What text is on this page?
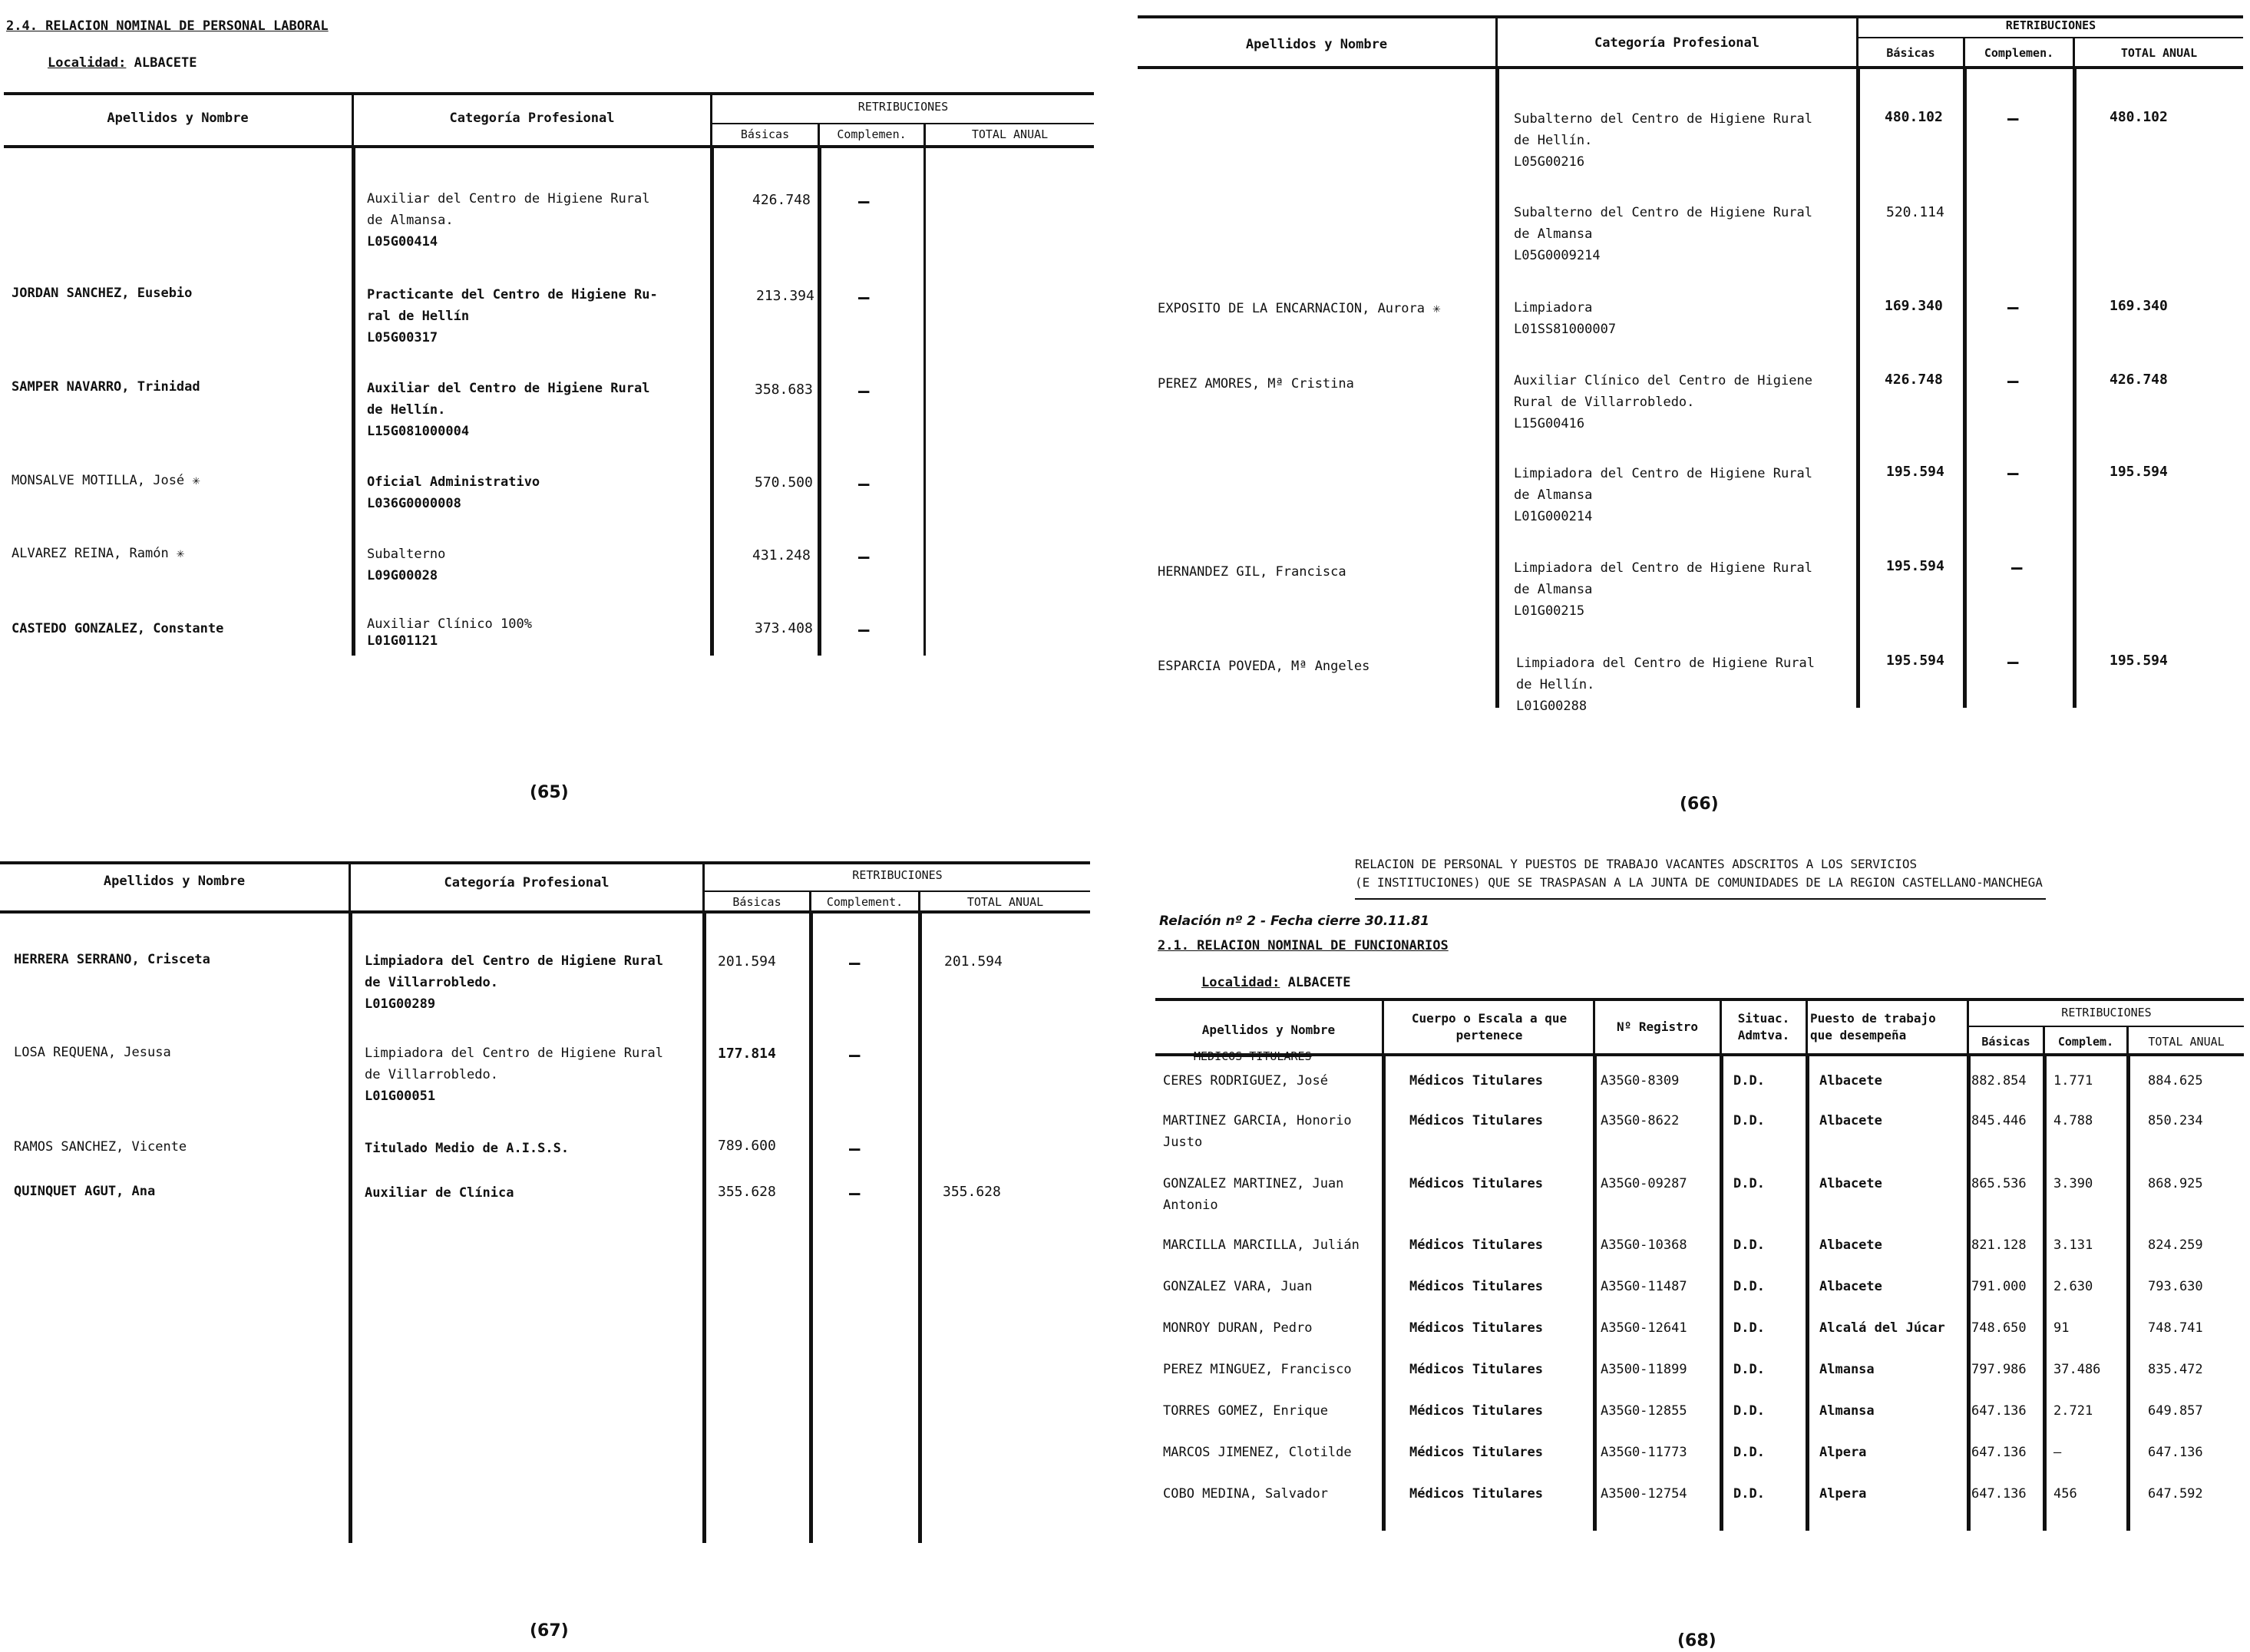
2.4. RELACION NOMINAL DE PERSONAL LABORAL
Localidad: ALBACETE
Apellidos y Nombre	Categoría Profesional
RETRIBUCIONES
Básicas	Complemen.	TOTAL ANUAL
Auxiliar del Centro de Higiene Rural
de Almansa.
L05G00414
426.748	—
JORDAN SANCHEZ, Eusebio	Practicante del Centro de Higiene Ru-
ral de Hellín
L05G00317
213.394 —
SAMPER NAVARRO, Trinidad	Auxiliar del Centro de Higiene Rural
de Hellín.
L15G081000004
358.683 —
MONSALVE MOTILLA, José ✳	Oficial Administrativo
L036G0000008
570.500 —
ALVAREZ REINA, Ramón ✳	Subalterno
L09G00028
431.248	—
CASTEDO GONZALEZ, Constante	Auxiliar Clínico 100%
L01G01121
373.408 —
(65)
Apellidos y Nombre	Categoría Profesional
RETRIBUCIONES
Básicas	Complemen.	TOTAL ANUAL
Subalterno del Centro de Higiene Rural
de Hellín.
L05G00216
480.102	—	480.102
Subalterno del Centro de Higiene Rural
de Almansa
L05G0009214
520.114
EXPOSITO DE LA ENCARNACION, Aurora ✳	Limpiadora
L01SS81000007
169.340	—	169.340
PEREZ AMORES, Mª Cristina	Auxiliar Clínico del Centro de Higiene
Rural de Villarrobledo.
L15G00416
426.748	—	426.748
Limpiadora del Centro de Higiene Rural
de Almansa
L01G000214
195.594	—	195.594
HERNANDEZ GIL, Francisca	Limpiadora del Centro de Higiene Rural
de Almansa
L01G00215
195.594	—
ESPARCIA POVEDA, Mª Angeles	Limpiadora del Centro de Higiene Rural
de Hellín.
L01G00288
195.594	—	195.594
(66)
Apellidos y Nombre	Categoría Profesional	RETRIBUCIONES
Básicas	Complement.	TOTAL ANUAL
HERRERA SERRANO, Crisceta	Limpiadora del Centro de Higiene Rural
de Villarrobledo.
L01G00289
201.594	—	201.594
LOSA REQUENA, Jesusa	Limpiadora del Centro de Higiene Rural
de Villarrobledo.
L01G00051
177.814	—
RAMOS SANCHEZ, Vicente	Titulado Medio de A.I.S.S.	789.600	—
QUINQUET AGUT, Ana	Auxiliar de Clínica	355.628	—	355.628
(67)
RELACION DE PERSONAL Y PUESTOS DE TRABAJO VACANTES ADSCRITOS A LOS SERVICIOS
(E INSTITUCIONES) QUE SE TRASPASAN A LA JUNTA DE COMUNIDADES DE LA REGION CASTELLANO-MANCHEGA
Relación nº 2 - Fecha cierre 30.11.81
2.1. RELACION NOMINAL DE FUNCIONARIOS
Localidad: ALBACETE
Apellidos y Nombre
Cuerpo o Escala a que pertenece
Nº Registro
Situac. Admtva.
Puesto de trabajo que desempeña
RETRIBUCIONES
Básicas	Complem.	TOTAL ANUAL
MEDICOS TITULARES
CERES RODRIGUEZ, José	Médicos Titulares	A35G0-8309	D.D.	Albacete	882.854 1.771	884.625
MARTINEZ GARCIA, Honorio
Justo
Médicos Titulares	A35G0-8622	D.D.	Albacete	845.446 4.788	850.234
GONZALEZ MARTINEZ, Juan
Antonio
Médicos Titulares	A35G0-09287	D.D.	Albacete	865.536 3.390	868.925
MARCILLA MARCILLA, Julián	Médicos Titulares	A35G0-10368	D.D.	Albacete	821.128 3.131	824.259
GONZALEZ VARA, Juan	Médicos Titulares	A35G0-11487	D.D.	Albacete	791.000 2.630	793.630
MONROY DURAN, Pedro	Médicos Titulares	A35G0-12641	D.D.	Alcalá del Júcar 748.650 91	748.741
PEREZ MINGUEZ, Francisco	Médicos Titulares	A3500-11899	D.D.	Almansa	797.986 37.486	835.472
TORRES GOMEZ, Enrique	Médicos Titulares	A35G0-12855	D.D.	Almansa	647.136 2.721	649.857
MARCOS JIMENEZ, Clotilde	Médicos Titulares	A35G0-11773	D.D.	Alpera	647.136 —	647.136
COBO MEDINA, Salvador	Médicos Titulares	A3500-12754	D.D.	Alpera	647.136 456	647.592
(68)
